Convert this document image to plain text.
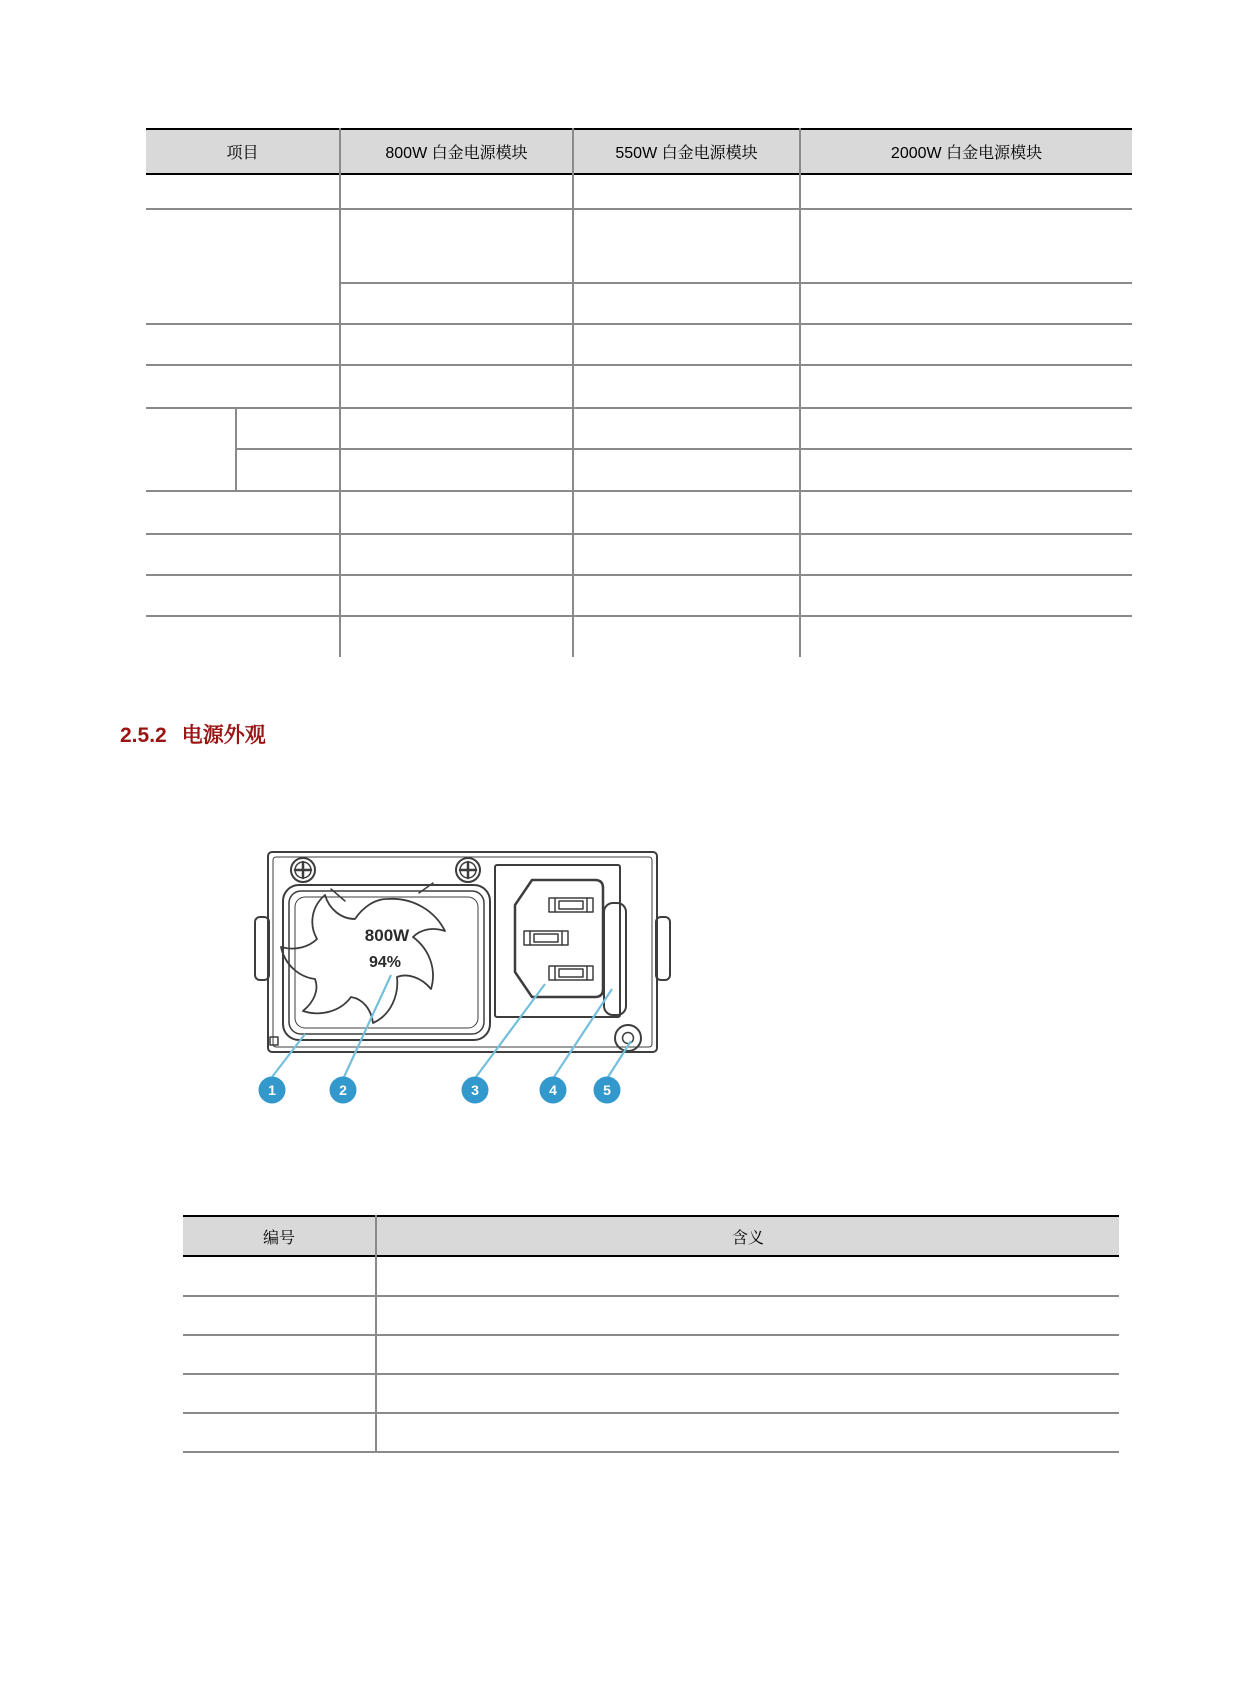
项目	800W 白金电源模块	550W 白金电源模块	2000W 白金电源模块
2.5.2 电源外观
800W
94%
1	2	3	4	5
编号	含义
